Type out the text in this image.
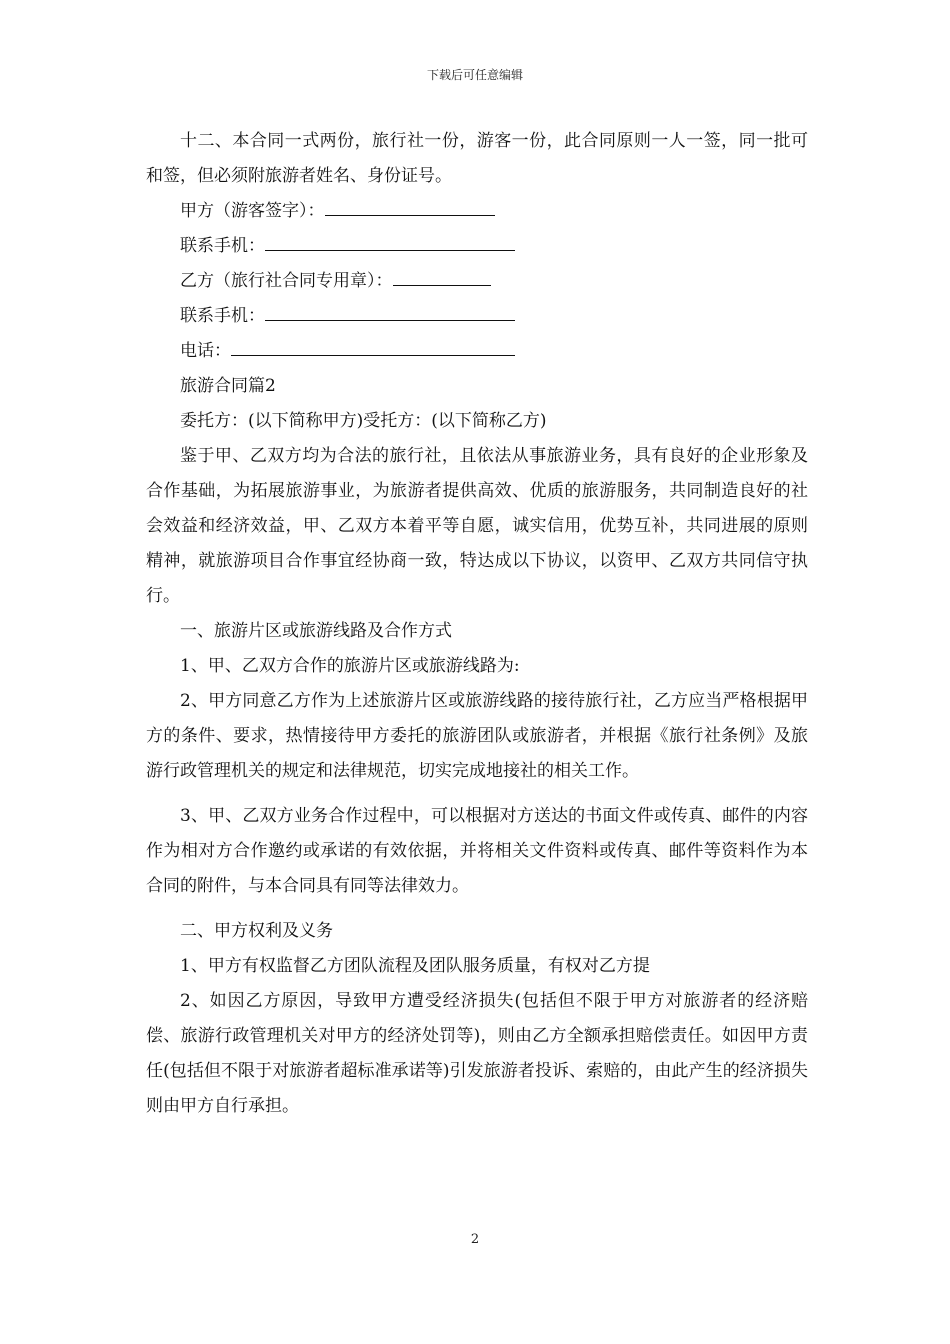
下载后可任意编辑

十二、本合同一式两份，旅行社一份，游客一份，此合同原则一人一签，同一批可和签，但必须附旅游者姓名、身份证号。

甲方（游客签字）：

联系手机：

乙方（旅行社合同专用章）：

联系手机：

电话：

旅游合同篇2

委托方：(以下简称甲方)受托方：(以下简称乙方)

鉴于甲、乙双方均为合法的旅行社，且依法从事旅游业务，具有良好的企业形象及合作基础，为拓展旅游事业，为旅游者提供高效、优质的旅游服务，共同制造良好的社会效益和经济效益，甲、乙双方本着平等自愿，诚实信用，优势互补，共同进展的原则精神，就旅游项目合作事宜经协商一致，特达成以下协议，以资甲、乙双方共同信守执行。

一、旅游片区或旅游线路及合作方式

1、甲、乙双方合作的旅游片区或旅游线路为:

2、甲方同意乙方作为上述旅游片区或旅游线路的接待旅行社，乙方应当严格根据甲方的条件、要求，热情接待甲方委托的旅游团队或旅游者，并根据《旅行社条例》及旅游行政管理机关的规定和法律规范，切实完成地接社的相关工作。

3、甲、乙双方业务合作过程中，可以根据对方送达的书面文件或传真、邮件的内容作为相对方合作邀约或承诺的有效依据，并将相关文件资料或传真、邮件等资料作为本合同的附件，与本合同具有同等法律效力。

二、甲方权利及义务

1、甲方有权监督乙方团队流程及团队服务质量，有权对乙方提

2、如因乙方原因，导致甲方遭受经济损失(包括但不限于甲方对旅游者的经济赔偿、旅游行政管理机关对甲方的经济处罚等)，则由乙方全额承担赔偿责任。如因甲方责任(包括但不限于对旅游者超标准承诺等)引发旅游者投诉、索赔的，由此产生的经济损失则由甲方自行承担。

2
